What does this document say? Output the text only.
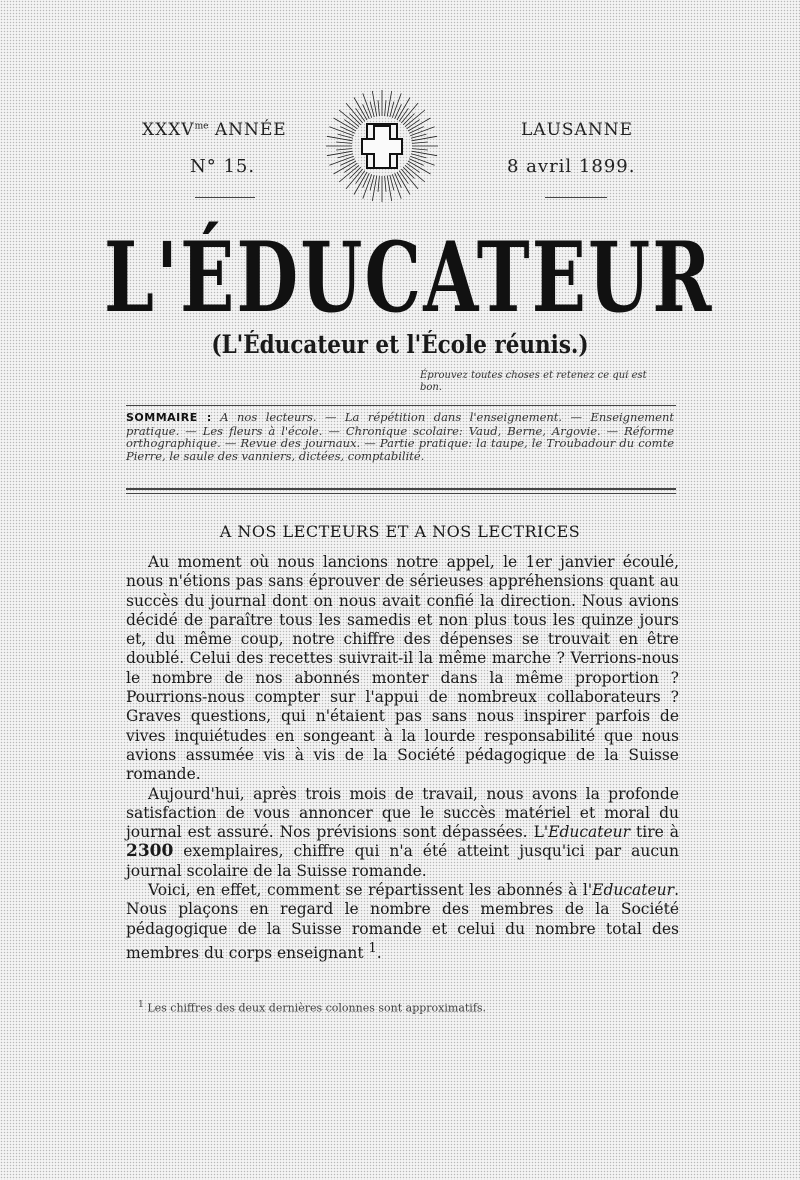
$XXXV^{me}$ ANNÉE
N° 15.
LAUSANNE
8 avril 1899.
L'ÉDUCATEUR
(L'Éducateur et l'École réunis.)
Éprouvez toutes choses et retenez ce qui est bon.
SOMMAIRE : A nos lecteurs. — La répétition dans l'enseignement. — Enseignement pratique. — Les fleurs à l'école. — Chronique scolaire: Vaud, Berne, Argovie. — Réforme orthographique. — Revue des journaux. — Partie pratique: la taupe, le Troubadour du comte Pierre, le saule des vanniers, dictées, comptabilité.
A NOS LECTEURS ET A NOS LECTRICES

Au moment où nous lancions notre appel, le 1er janvier écoulé, nous n'étions pas sans éprouver de sérieuses appréhensions quant au succès du journal dont on nous avait confié la direction. Nous avions décidé de paraître tous les samedis et non plus tous les quinze jours et, du même coup, notre chiffre des dépenses se trouvait en être doublé. Celui des recettes suivrait-il la même marche ? Verrions-nous le nombre de nos abonnés monter dans la même proportion ? Pourrions-nous compter sur l'appui de nombreux collaborateurs ? Graves questions, qui n'étaient pas sans nous inspirer parfois de vives inquiétudes en songeant à la lourde responsabilité que nous avions assumée vis à vis de la Société pédagogique de la Suisse romande.

Aujourd'hui, après trois mois de travail, nous avons la profonde satisfaction de vous annoncer que le succès matériel et moral du journal est assuré. Nos prévisions sont dépassées. L'Educateur tire à 2300 exemplaires, chiffre qui n'a été atteint jusqu'ici par aucun journal scolaire de la Suisse romande.

Voici, en effet, comment se répartissent les abonnés à l'Educateur. Nous plaçons en regard le nombre des membres de la Société pédagogique de la Suisse romande et celui du nombre total des membres du corps enseignant $^1$.

$^1$ Les chiffres des deux dernières colonnes sont approximatifs.
